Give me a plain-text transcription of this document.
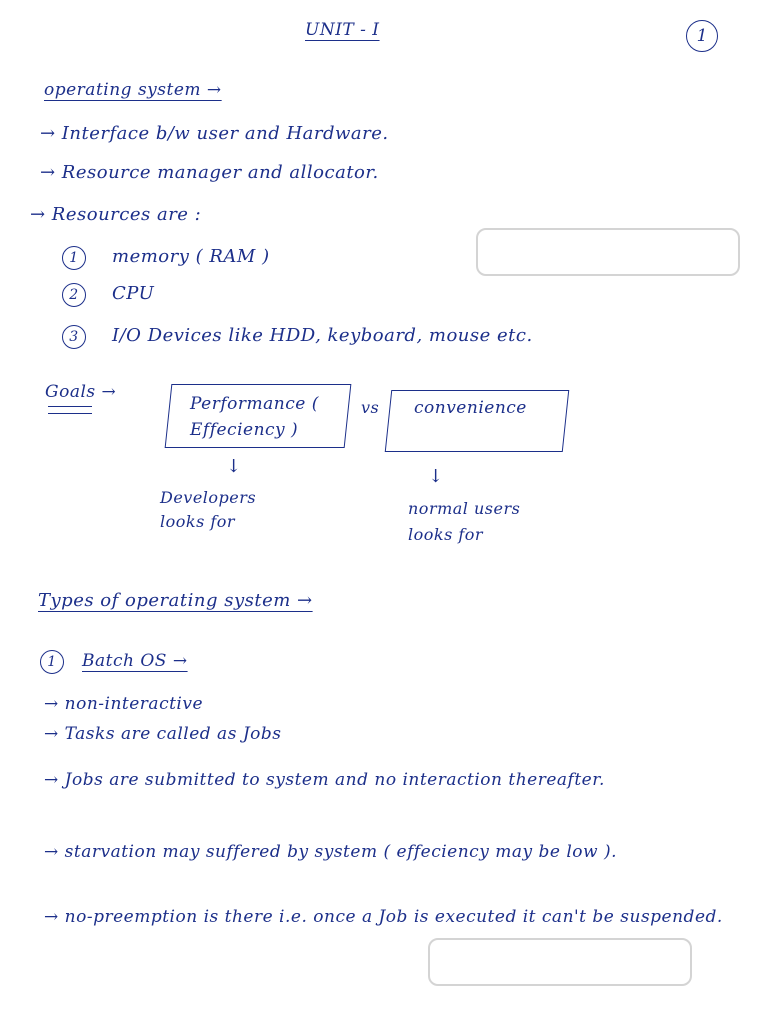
UNIT - I	1
operating system →
→ Interface b/w user and Hardware.
→ Resource manager and allocator.
→ Resources are :
1 memory ( RAM )
2 CPU
3 I/O Devices like HDD, keyboard, mouse etc.
Goals →
Performance ( Effeciency )
vs convenience
↓	↓
Developers looks for
normal users looks for
Types of operating system →
1 Batch OS →
→ non-interactive
→ Tasks are called as Jobs
→ Jobs are submitted to system and no interaction thereafter.
→ starvation may suffered by system ( effeciency may be low ).
→ no-preemption is there i.e. once a Job is executed it can't be suspended.
